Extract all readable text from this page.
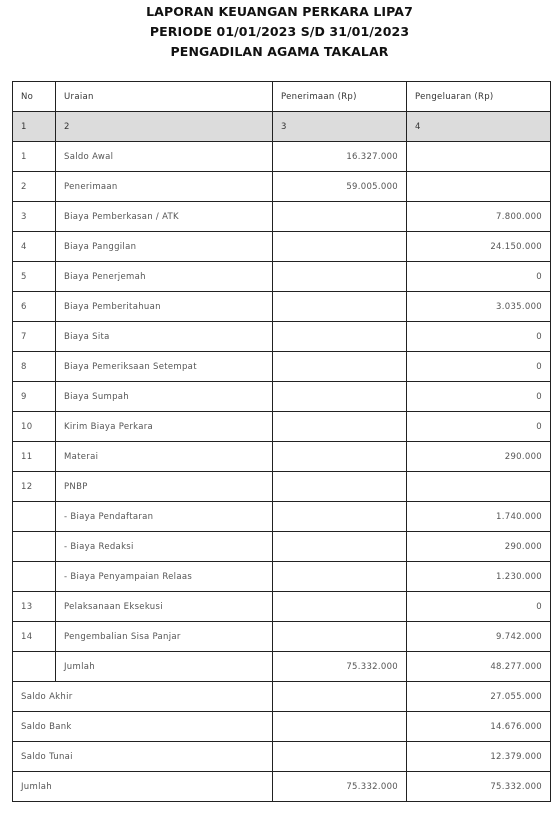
LAPORAN KEUANGAN PERKARA LIPA7
PERIODE 01/01/2023 S/D 31/01/2023
PENGADILAN AGAMA TAKALAR
No	Uraian	Penerimaan (Rp)	Pengeluaran (Rp)
1	2	3	4
1	Saldo Awal	16.327.000	
2	Penerimaan	59.005.000	
3	Biaya Pemberkasan / ATK		7.800.000
4	Biaya Panggilan		24.150.000
5	Biaya Penerjemah		0
6	Biaya Pemberitahuan		3.035.000
7	Biaya Sita		0
8	Biaya Pemeriksaan Setempat		0
9	Biaya Sumpah		0
10	Kirim Biaya Perkara		0
11	Materai		290.000
12	PNBP		
	- Biaya Pendaftaran		1.740.000
	- Biaya Redaksi		290.000
	- Biaya Penyampaian Relaas		1.230.000
13	Pelaksanaan Eksekusi		0
14	Pengembalian Sisa Panjar		9.742.000
	Jumlah	75.332.000	48.277.000
Saldo Akhir			27.055.000
Saldo Bank			14.676.000
Saldo Tunai			12.379.000
Jumlah		75.332.000	75.332.000
